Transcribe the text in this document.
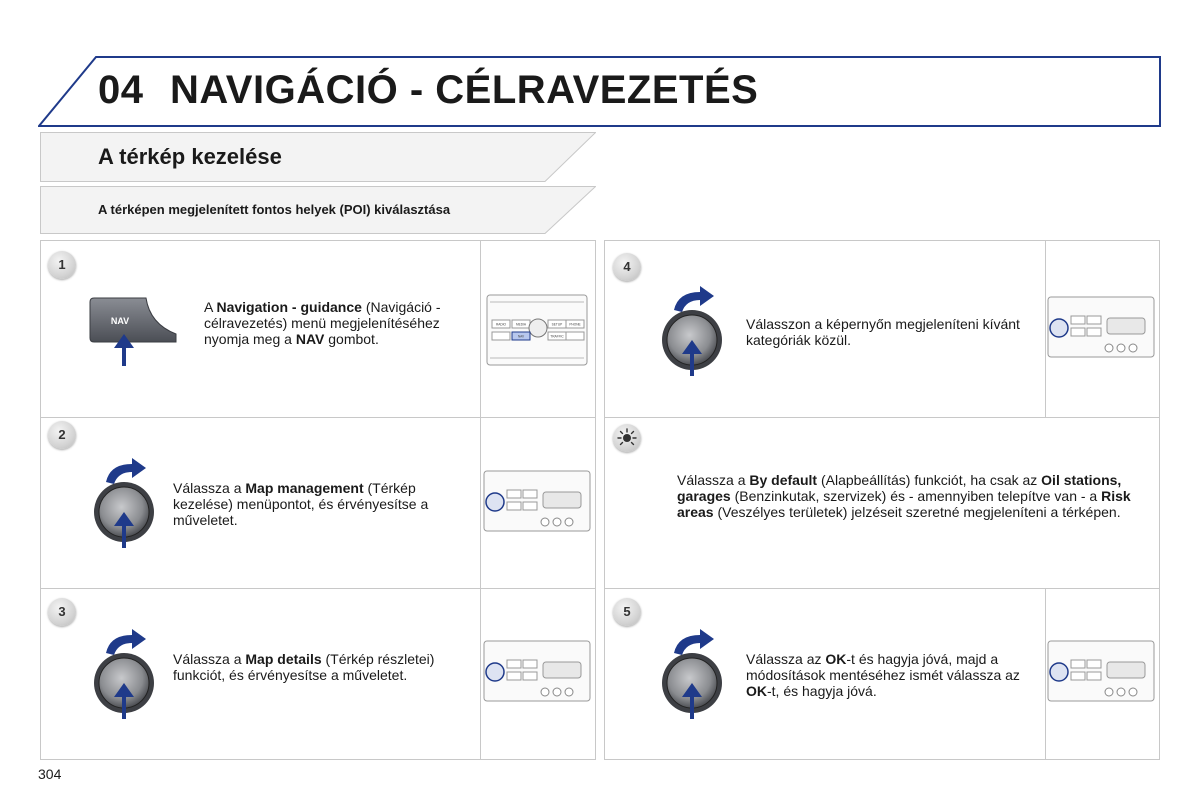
04 NAVIGÁCIÓ - CÉLRAVEZETÉS
A térkép kezelése
A térképen megjelenített fontos helyek (POI) kiválasztása
1
2
3
4
5
NAV
A Navigation - guidance (Navigáció - célravezetés) menü megjelenítéséhez nyomja meg a NAV gombot.
RADIO	MEDIA	SETUP PHONE
NAV	TRAFFIC
Válassza a Map management (Térkép kezelése) menüpontot, és érvényesítse a műveletet.
Válassza a Map details (Térkép részletei) funkciót, és érvényesítse a műveletet.
Válasszon a képernyőn megjeleníteni kívánt kategóriák közül.
Válassza a By default (Alapbeállítás) funkciót, ha csak az Oil stations, garages (Benzinkutak, szervizek) és - amennyiben telepítve van - a Risk areas (Veszélyes területek) jelzéseit szeretné megjeleníteni a térképen.
Válassza az OK-t és hagyja jóvá, majd a módosítások mentéséhez ismét válassza az OK-t, és hagyja jóvá.
304
